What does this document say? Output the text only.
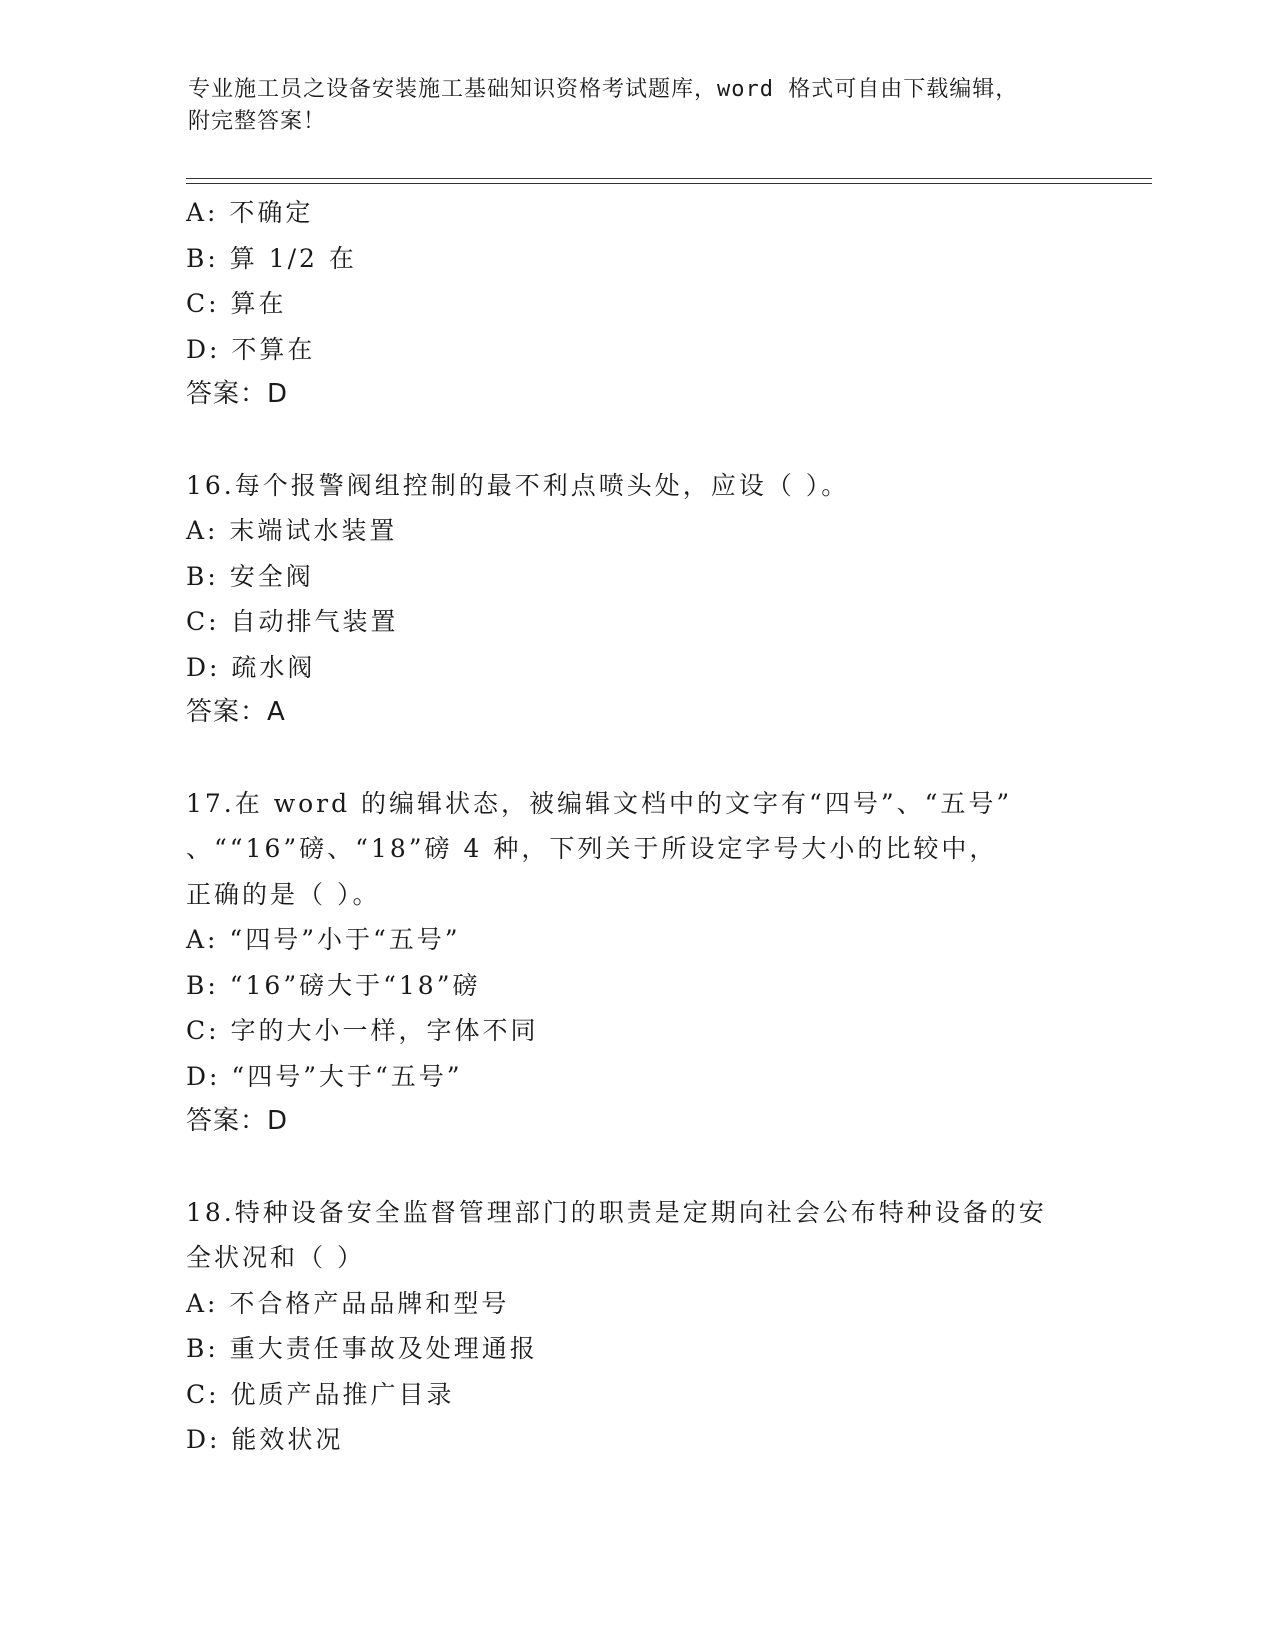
专业施工员之设备安装施工基础知识资格考试题库，word 格式可自由下载编辑，
附完整答案！
A: 不确定
B: 算 1/2 在
C: 算在
D: 不算在
答案：D
16.每个报警阀组控制的最不利点喷头处，应设（ ）。
A: 末端试水装置
B: 安全阀
C: 自动排气装置
D: 疏水阀
答案：A
17.在 word 的编辑状态，被编辑文档中的文字有“四号”、“五号”
、““16”磅、“18”磅 4 种，下列关于所设定字号大小的比较中，
正确的是（ ）。
A: “四号”小于“五号”
B: “16”磅大于“18”磅
C: 字的大小一样，字体不同
D: “四号”大于“五号”
答案：D
18.特种设备安全监督管理部门的职责是定期向社会公布特种设备的安
全状况和（ ）
A: 不合格产品品牌和型号
B: 重大责任事故及处理通报
C: 优质产品推广目录
D: 能效状况
